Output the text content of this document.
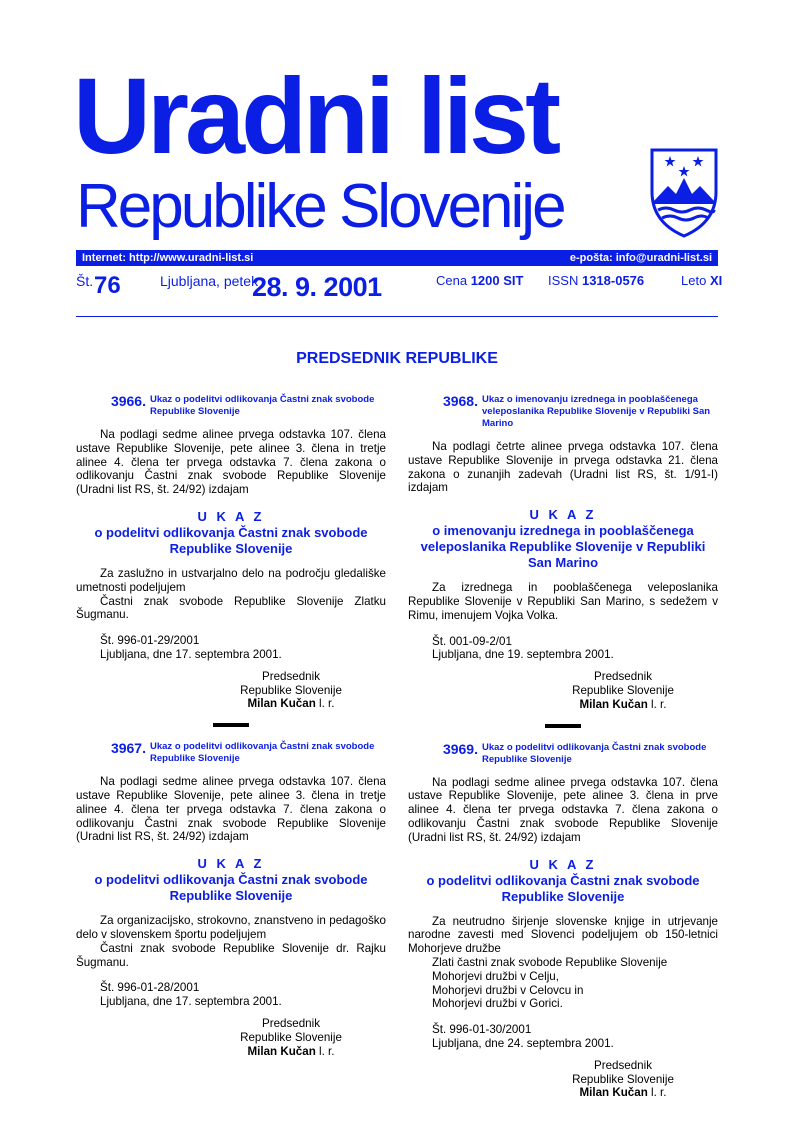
Uradni list
Republike Slovenije
Internet: http://www.uradni-list.si	e-pošta: info@uradni-list.si
Št. 76	Ljubljana, petek
28. 9. 2001	Cena 1200 SIT ISSN 1318-0576	Leto XI
PREDSEDNIK REPUBLIKE
3966. Ukaz o podelitvi odlikovanja Častni znak svobode Republike Slovenije

Na podlagi sedme alinee prvega odstavka 107. člena ustave Republike Slovenije, pete alinee 3. člena in tretje alinee 4. člena ter prvega odstavka 7. člena zakona o odlikovanju Častni znak svobode Republike Slovenije (Uradni list RS, št. 24/92) izdajam

U K A Z
o podelitvi odlikovanja Častni znak svobode Republike Slovenije

Za zaslužno in ustvarjalno delo na področju gledališke umetnosti podeljujem

Častni znak svobode Republike Slovenije Zlatku Šugmanu.

Št. 996-01-29/2001

Ljubljana, dne 17. septembra 2001.

Predsednik
Republike Slovenije
Milan Kučan l. r.
3967. Ukaz o podelitvi odlikovanja Častni znak svobode Republike Slovenije

Na podlagi sedme alinee prvega odstavka 107. člena ustave Republike Slovenije, pete alinee 3. člena in tretje alinee 4. člena ter prvega odstavka 7. člena zakona o odlikovanju Častni znak svobode Republike Slovenije (Uradni list RS, št. 24/92) izdajam

U K A Z
o podelitvi odlikovanja Častni znak svobode Republike Slovenije

Za organizacijsko, strokovno, znanstveno in pedagoško delo v slovenskem športu podeljujem

Častni znak svobode Republike Slovenije dr. Rajku Šugmanu.

Št. 996-01-28/2001

Ljubljana, dne 17. septembra 2001.

Predsednik
Republike Slovenije
Milan Kučan l. r.
3968. Ukaz o imenovanju izrednega in pooblaščenega veleposlanika Republike Slovenije v Republiki San Marino

Na podlagi četrte alinee prvega odstavka 107. člena ustave Republike Slovenije in prvega odstavka 21. člena zakona o zunanjih zadevah (Uradni list RS, št. 1/91-I) izdajam

U K A Z
o imenovanju izrednega in pooblaščenega veleposlanika Republike Slovenije v Republiki San Marino

Za izrednega in pooblaščenega veleposlanika Republike Slovenije v Republiki San Marino, s sedežem v Rimu, imenujem Vojka Volka.

Št. 001-09-2/01

Ljubljana, dne 19. septembra 2001.

Predsednik
Republike Slovenije
Milan Kučan l. r.
3969. Ukaz o podelitvi odlikovanja Častni znak svobode Republike Slovenije

Na podlagi sedme alinee prvega odstavka 107. člena ustave Republike Slovenije, pete alinee 3. člena in prve alinee 4. člena ter prvega odstavka 7. člena zakona o odlikovanju Častni znak svobode Republike Slovenije (Uradni list RS, št. 24/92) izdajam

U K A Z
o podelitvi odlikovanja Častni znak svobode Republike Slovenije

Za neutrudno širjenje slovenske knjige in utrjevanje narodne zavesti med Slovenci podeljujem ob 150-letnici Mohorjeve družbe

Zlati častni znak svobode Republike Slovenije
Mohorjevi družbi v Celju,
Mohorjevi družbi v Celovcu in
Mohorjevi družbi v Gorici.

Št. 996-01-30/2001

Ljubljana, dne 24. septembra 2001.

Predsednik
Republike Slovenije
Milan Kučan l. r.
